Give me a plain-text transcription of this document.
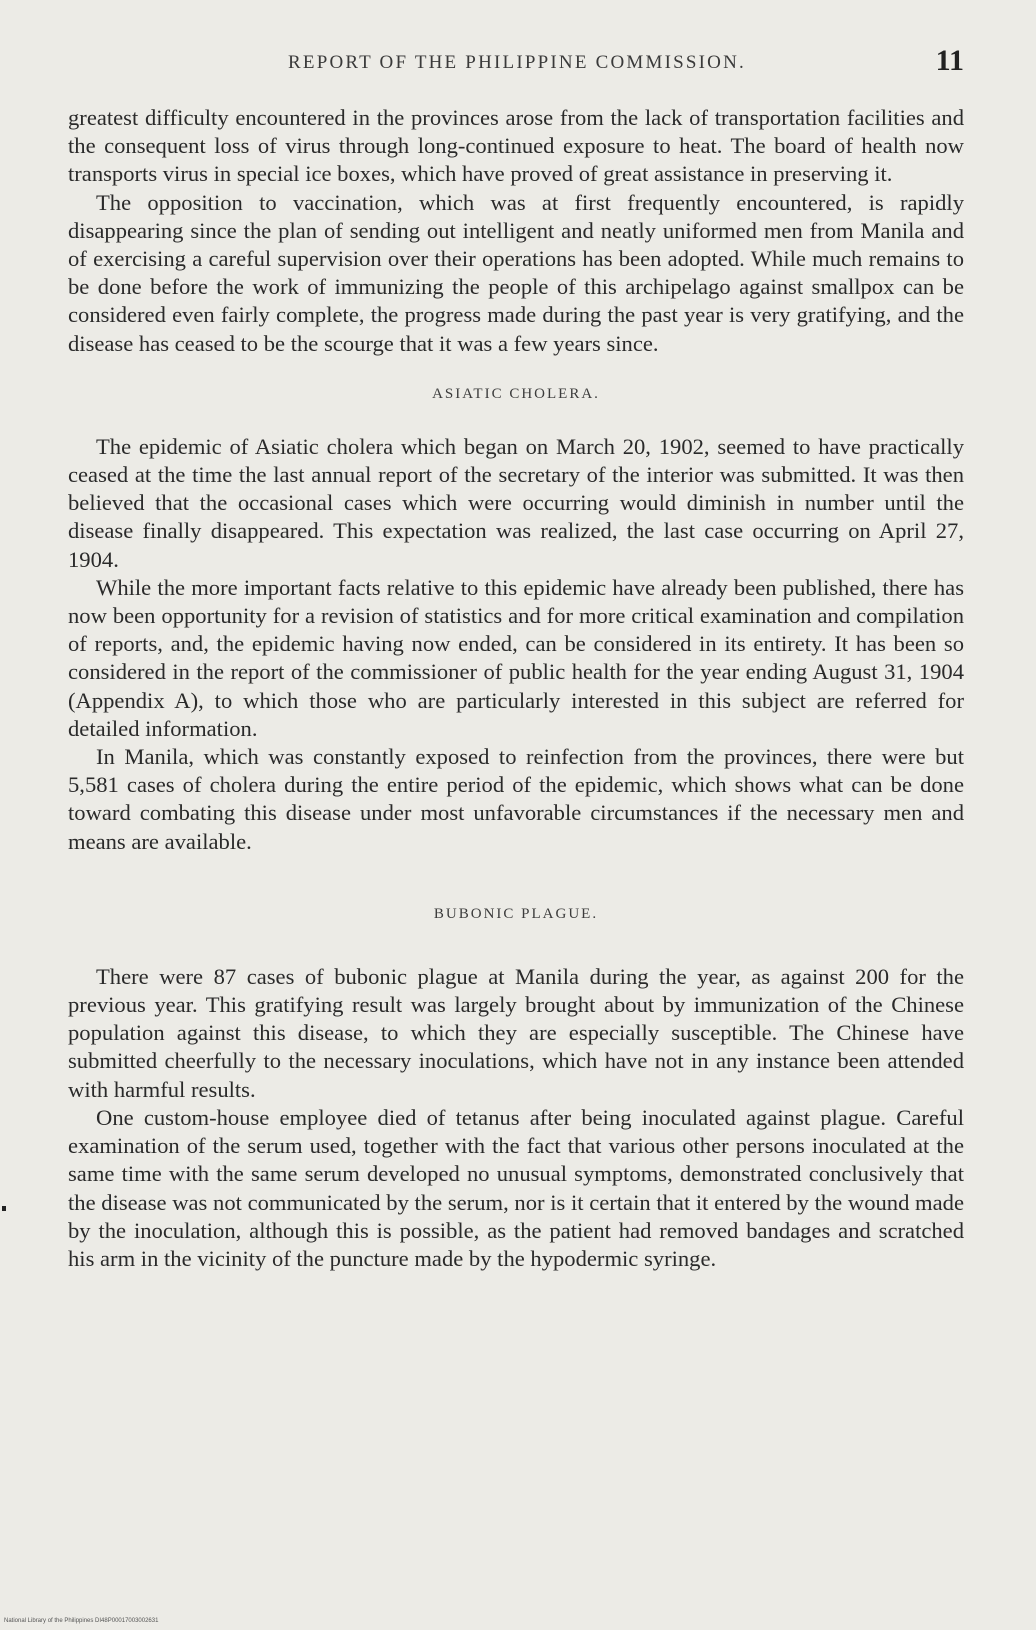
REPORT OF THE PHILIPPINE COMMISSION.	11

greatest difficulty encountered in the provinces arose from the lack of transportation facilities and the consequent loss of virus through long-continued exposure to heat. The board of health now transports virus in special ice boxes, which have proved of great assistance in preserving it.

The opposition to vaccination, which was at first frequently encountered, is rapidly disappearing since the plan of sending out intelligent and neatly uniformed men from Manila and of exercising a careful supervision over their operations has been adopted. While much remains to be done before the work of immunizing the people of this archipelago against smallpox can be considered even fairly complete, the progress made during the past year is very gratifying, and the disease has ceased to be the scourge that it was a few years since.

ASIATIC CHOLERA.

The epidemic of Asiatic cholera which began on March 20, 1902, seemed to have practically ceased at the time the last annual report of the secretary of the interior was submitted. It was then believed that the occasional cases which were occurring would diminish in number until the disease finally disappeared. This expectation was realized, the last case occurring on April 27, 1904.

While the more important facts relative to this epidemic have already been published, there has now been opportunity for a revision of statistics and for more critical examination and compilation of reports, and, the epidemic having now ended, can be considered in its entirety. It has been so considered in the report of the commissioner of public health for the year ending August 31, 1904 (Appendix A), to which those who are particularly interested in this subject are referred for detailed information.

In Manila, which was constantly exposed to reinfection from the provinces, there were but 5,581 cases of cholera during the entire period of the epidemic, which shows what can be done toward combating this disease under most unfavorable circumstances if the necessary men and means are available.

BUBONIC PLAGUE.

There were 87 cases of bubonic plague at Manila during the year, as against 200 for the previous year. This gratifying result was largely brought about by immunization of the Chinese population against this disease, to which they are especially susceptible. The Chinese have submitted cheerfully to the necessary inoculations, which have not in any instance been attended with harmful results.

One custom-house employee died of tetanus after being inoculated against plague. Careful examination of the serum used, together with the fact that various other persons inoculated at the same time with the same serum developed no unusual symptoms, demonstrated conclusively that the disease was not communicated by the serum, nor is it certain that it entered by the wound made by the inoculation, although this is possible, as the patient had removed bandages and scratched his arm in the vicinity of the puncture made by the hypodermic syringe.

National Library of the Philippines DI48P00017003002631
